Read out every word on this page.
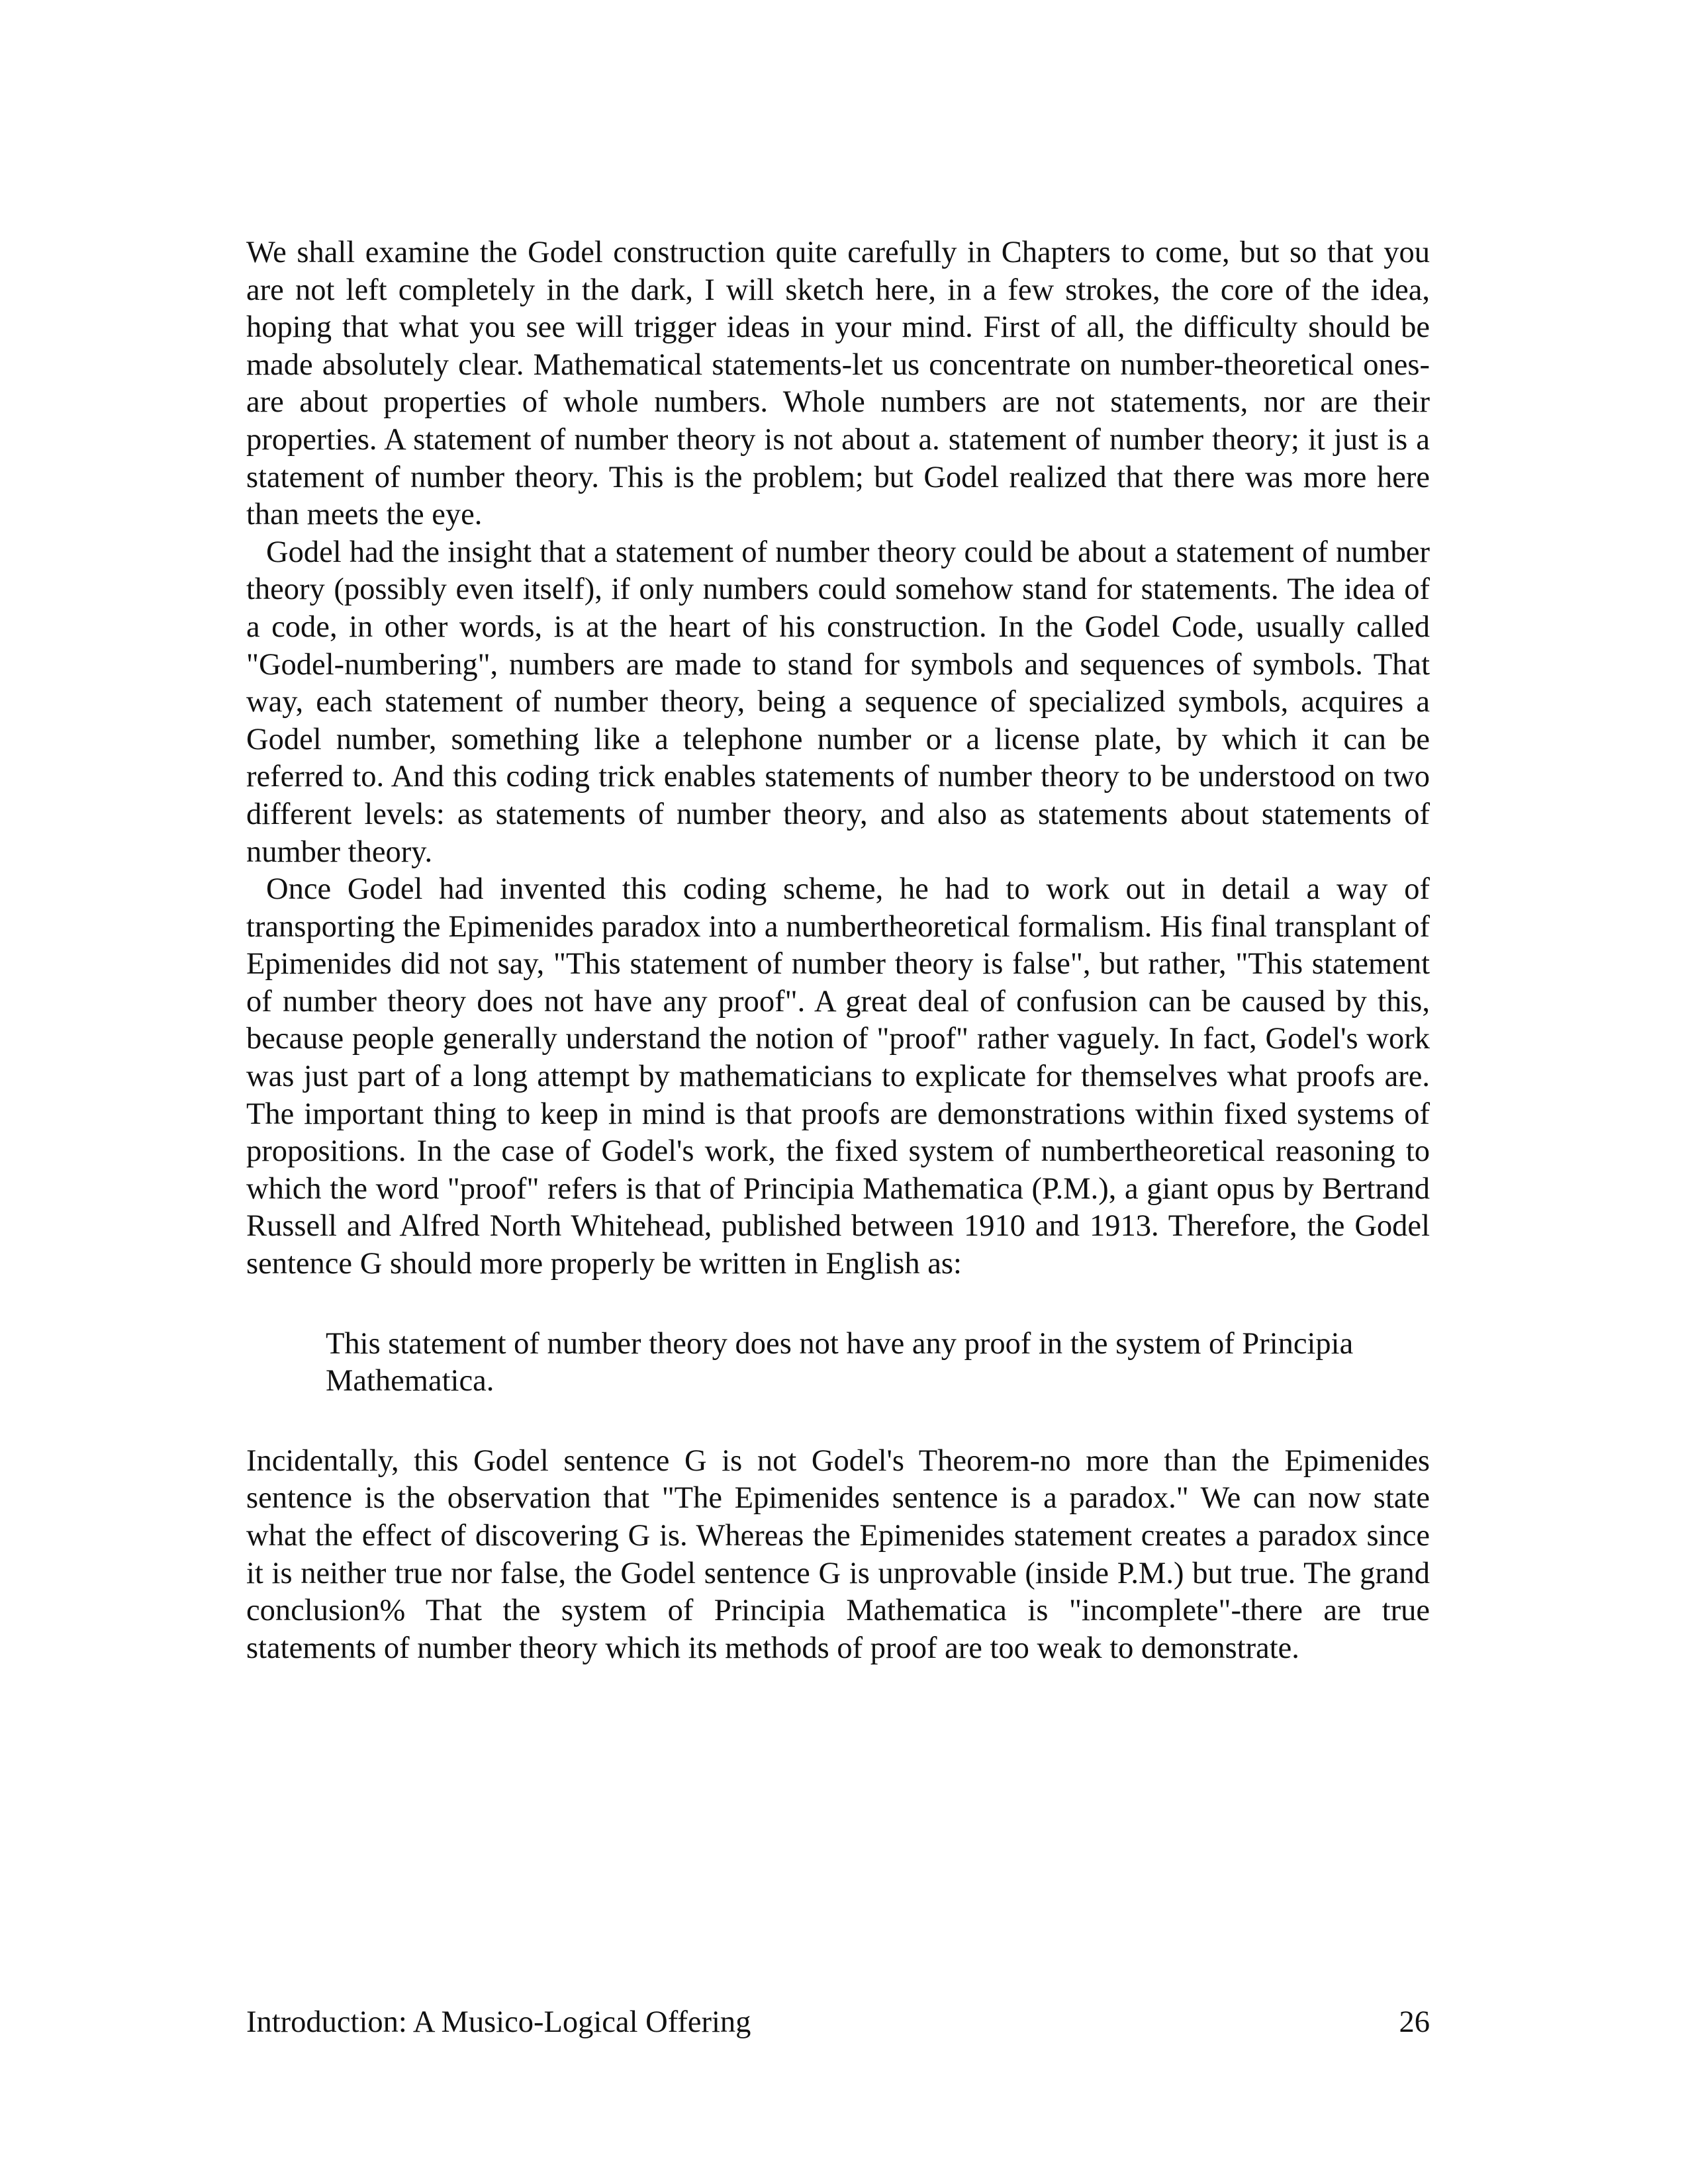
We shall examine the Godel construction quite carefully in Chapters to come, but so that you are not left completely in the dark, I will sketch here, in a few strokes, the core of the idea, hoping that what you see will trigger ideas in your mind. First of all, the difficulty should be made absolutely clear. Mathematical statements-let us concentrate on number-theoretical ones-are about properties of whole numbers. Whole numbers are not statements, nor are their properties. A statement of number theory is not about a. statement of number theory; it just is a statement of number theory. This is the problem; but Godel realized that there was more here than meets the eye.

Godel had the insight that a statement of number theory could be about a statement of number theory (possibly even itself), if only numbers could somehow stand for statements. The idea of a code, in other words, is at the heart of his construction. In the Godel Code, usually called "Godel-numbering", numbers are made to stand for symbols and sequences of symbols. That way, each statement of number theory, being a sequence of specialized symbols, acquires a Godel number, something like a telephone number or a license plate, by which it can be referred to. And this coding trick enables statements of number theory to be understood on two different levels: as statements of number theory, and also as statements about statements of number theory.

Once Godel had invented this coding scheme, he had to work out in detail a way of transporting the Epimenides paradox into a numbertheoretical formalism. His final transplant of Epimenides did not say, "This statement of number theory is false", but rather, "This statement of number theory does not have any proof". A great deal of confusion can be caused by this, because people generally understand the notion of "proof" rather vaguely. In fact, Godel's work was just part of a long attempt by mathematicians to explicate for themselves what proofs are. The important thing to keep in mind is that proofs are demonstrations within fixed systems of propositions. In the case of Godel's work, the fixed system of numbertheoretical reasoning to which the word "proof" refers is that of Principia Mathematica (P.M.), a giant opus by Bertrand Russell and Alfred North Whitehead, published between 1910 and 1913. Therefore, the Godel sentence G should more properly be written in English as:

This statement of number theory does not have any proof in the system of Principia Mathematica.

Incidentally, this Godel sentence G is not Godel's Theorem-no more than the Epimenides sentence is the observation that "The Epimenides sentence is a paradox." We can now state what the effect of discovering G is. Whereas the Epimenides statement creates a paradox since it is neither true nor false, the Godel sentence G is unprovable (inside P.M.) but true. The grand conclusion% That the system of Principia Mathematica is "incomplete"-there are true statements of number theory which its methods of proof are too weak to demonstrate.

Introduction: A Musico-Logical Offering	26
